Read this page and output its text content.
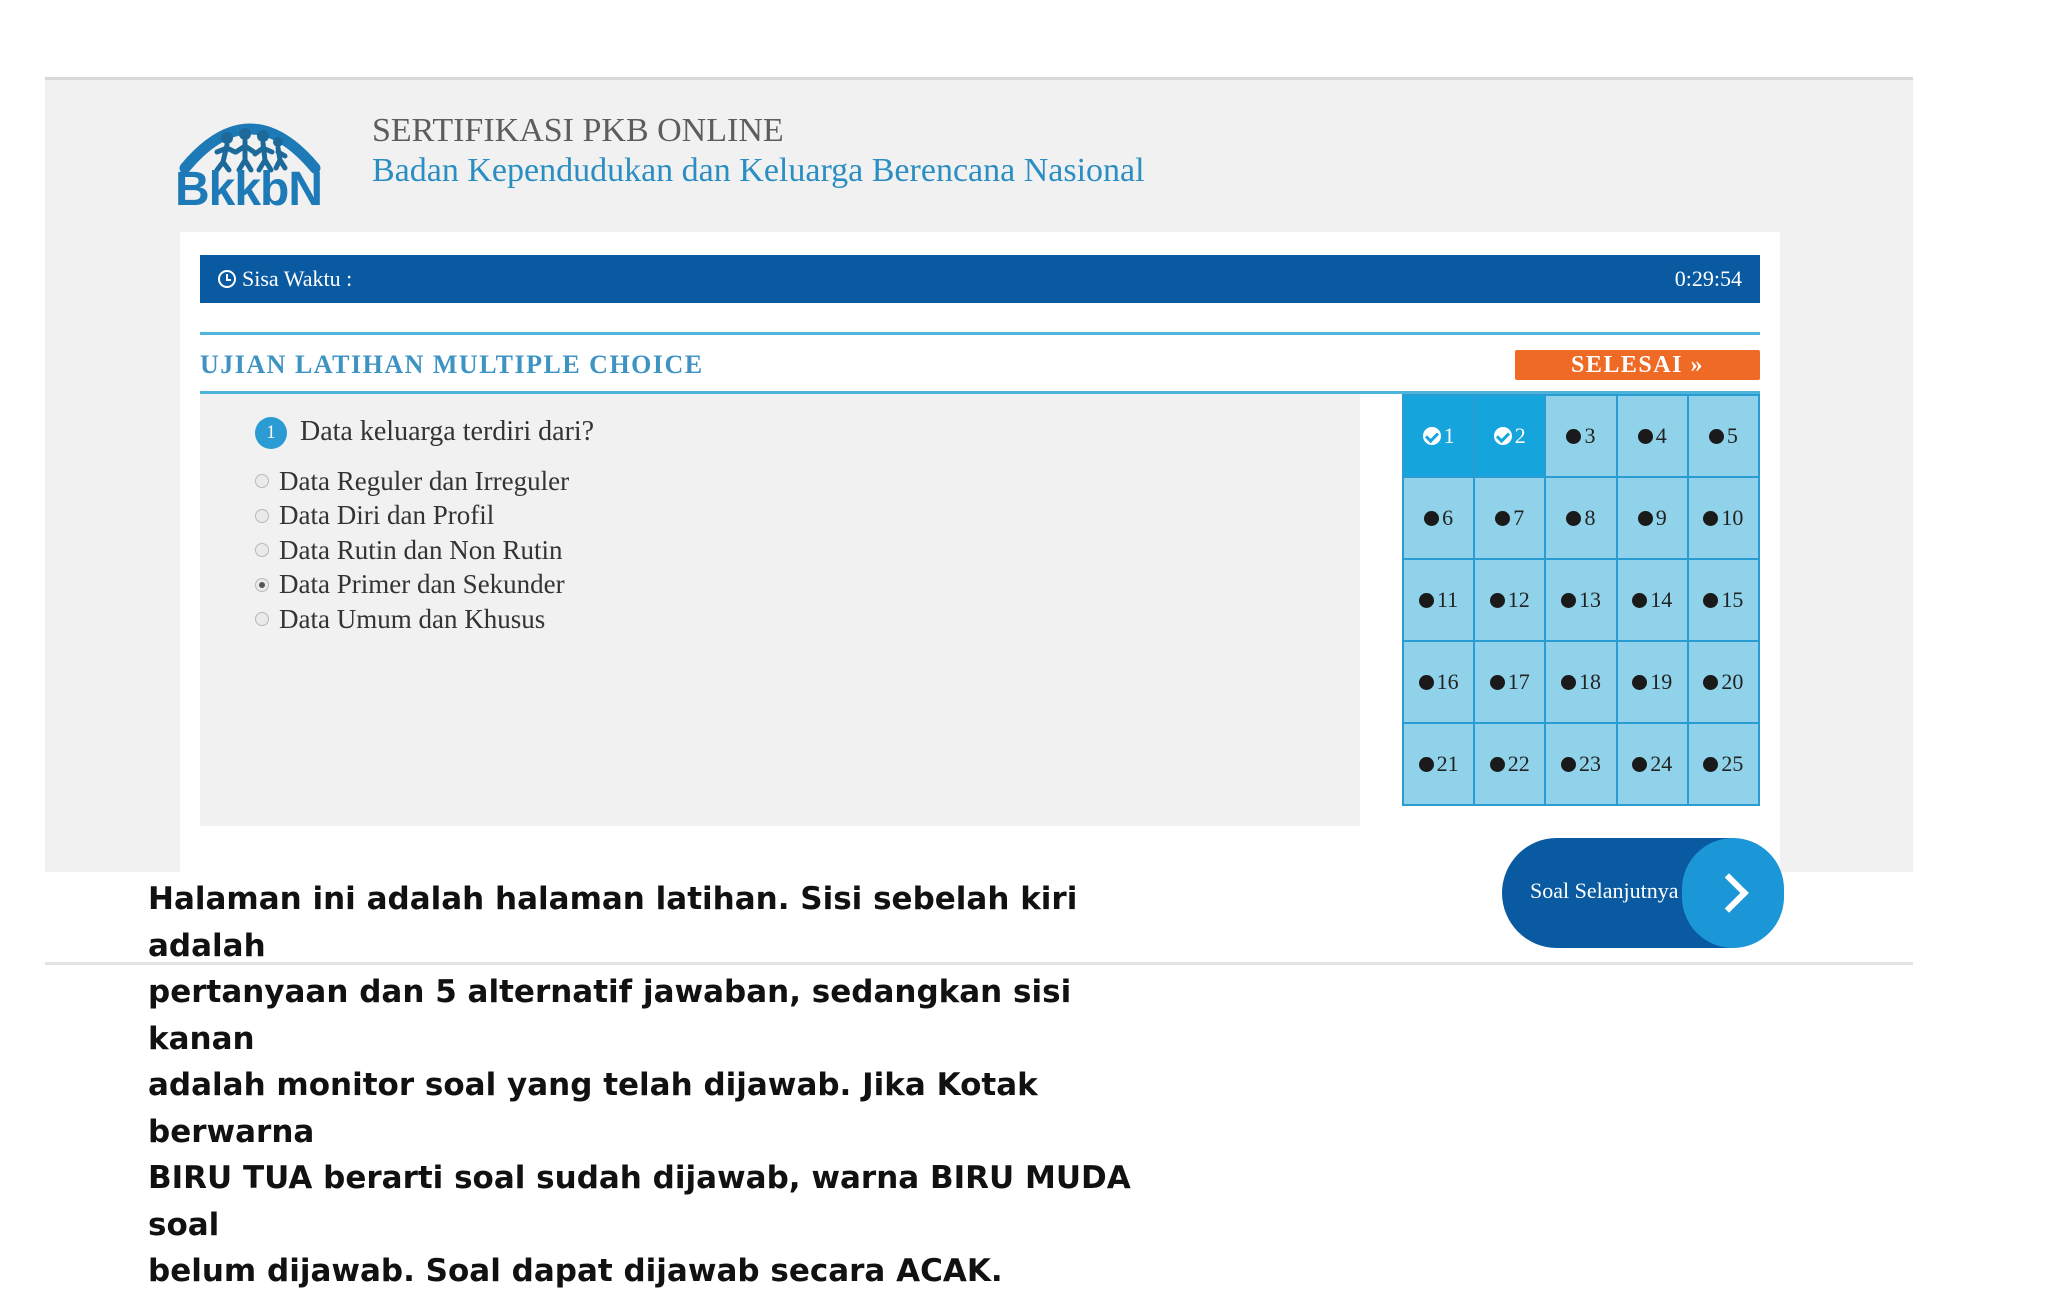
BkkbN
SERTIFIKASI PKB ONLINE
Badan Kependudukan dan Keluarga Berencana Nasional
Sisa Waktu :	0:29:54
UJIAN LATIHAN MULTIPLE CHOICE	SELESAI »
1 Data keluarga terdiri dari?
Data Reguler dan Irreguler
Data Diri dan Profil
Data Rutin dan Non Rutin
Data Primer dan Sekunder
Data Umum dan Khusus
1	2	3	4	5
6	7	8	9 10
11 12 13 14 15
16 17 18 19 20
21 22 23 24 25
Soal Selanjutnya
Halaman ini adalah halaman latihan. Sisi sebelah kiri adalah
pertanyaan dan 5 alternatif jawaban, sedangkan sisi kanan
adalah monitor soal yang telah dijawab. Jika Kotak berwarna
BIRU TUA berarti soal sudah dijawab, warna BIRU MUDA soal
belum dijawab. Soal dapat dijawab secara ACAK.
